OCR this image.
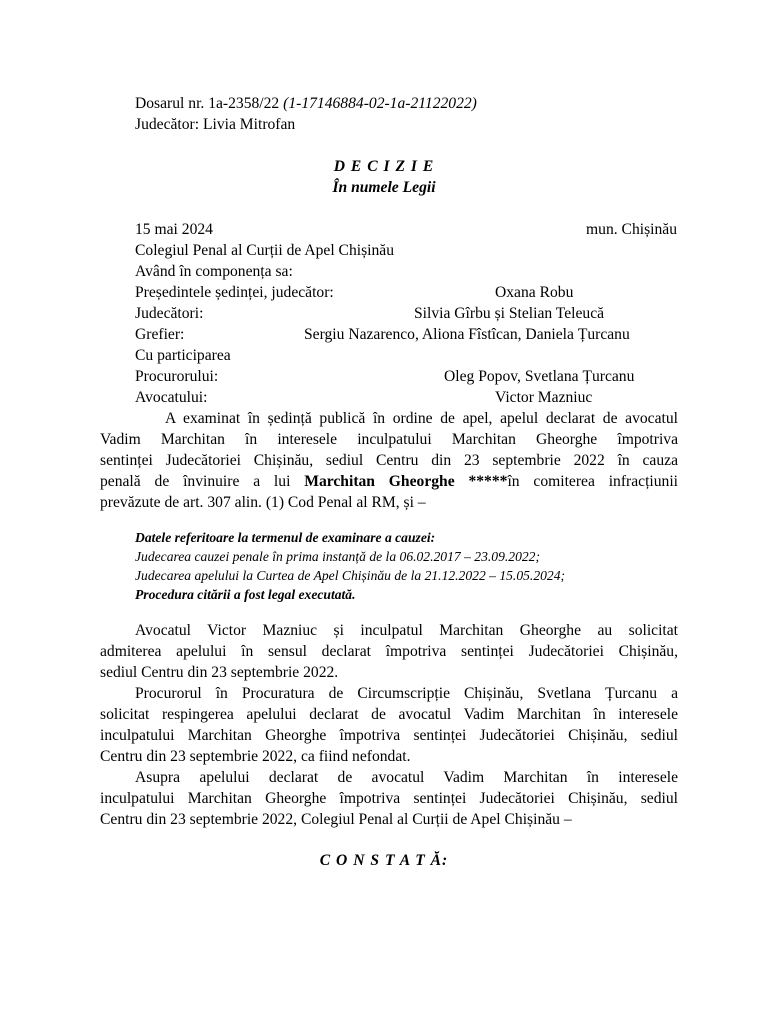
Dosarul nr. 1a-2358/22 (1-17146884-02-1a-21122022)
Judecător: Livia Mitrofan
D E C I Z I E
În numele Legii
15 mai 2024	mun. Chișinău
Colegiul Penal al Curții de Apel Chișinău
Având în componența sa:
Președintele ședinței, judecător:	Oxana Robu
Judecători:	Silvia Gîrbu și Stelian Teleucă
Grefier:	Sergiu Nazarenco, Aliona Fîstîcan, Daniela Țurcanu
Cu participarea
Procurorului:	Oleg Popov, Svetlana Țurcanu
Avocatului:	Victor Mazniuc
A examinat în ședință publică în ordine de apel, apelul declarat de avocatul
Vadim Marchitan în interesele inculpatului Marchitan Gheorghe împotriva
sentinței Judecătoriei Chișinău, sediul Centru din 23 septembrie 2022 în cauza
penală de învinuire a lui Marchitan Gheorghe *****în comiterea infracțiunii
prevăzute de art. 307 alin. (1) Cod Penal al RM, și –
Datele referitoare la termenul de examinare a cauzei:
Judecarea cauzei penale în prima instanță de la 06.02.2017 – 23.09.2022;
Judecarea apelului la Curtea de Apel Chișinău de la 21.12.2022 – 15.05.2024;
Procedura citării a fost legal executată.
Avocatul Victor Mazniuc și inculpatul Marchitan Gheorghe au solicitat
admiterea apelului în sensul declarat împotriva sentinței Judecătoriei Chișinău,
sediul Centru din 23 septembrie 2022.
Procurorul în Procuratura de Circumscripție Chișinău, Svetlana Țurcanu a
solicitat respingerea apelului declarat de avocatul Vadim Marchitan în interesele
inculpatului Marchitan Gheorghe împotriva sentinței Judecătoriei Chișinău, sediul
Centru din 23 septembrie 2022, ca fiind nefondat.
Asupra apelului declarat de avocatul Vadim Marchitan în interesele
inculpatului Marchitan Gheorghe împotriva sentinței Judecătoriei Chișinău, sediul
Centru din 23 septembrie 2022, Colegiul Penal al Curții de Apel Chișinău –
C O N S T A T Ă:
